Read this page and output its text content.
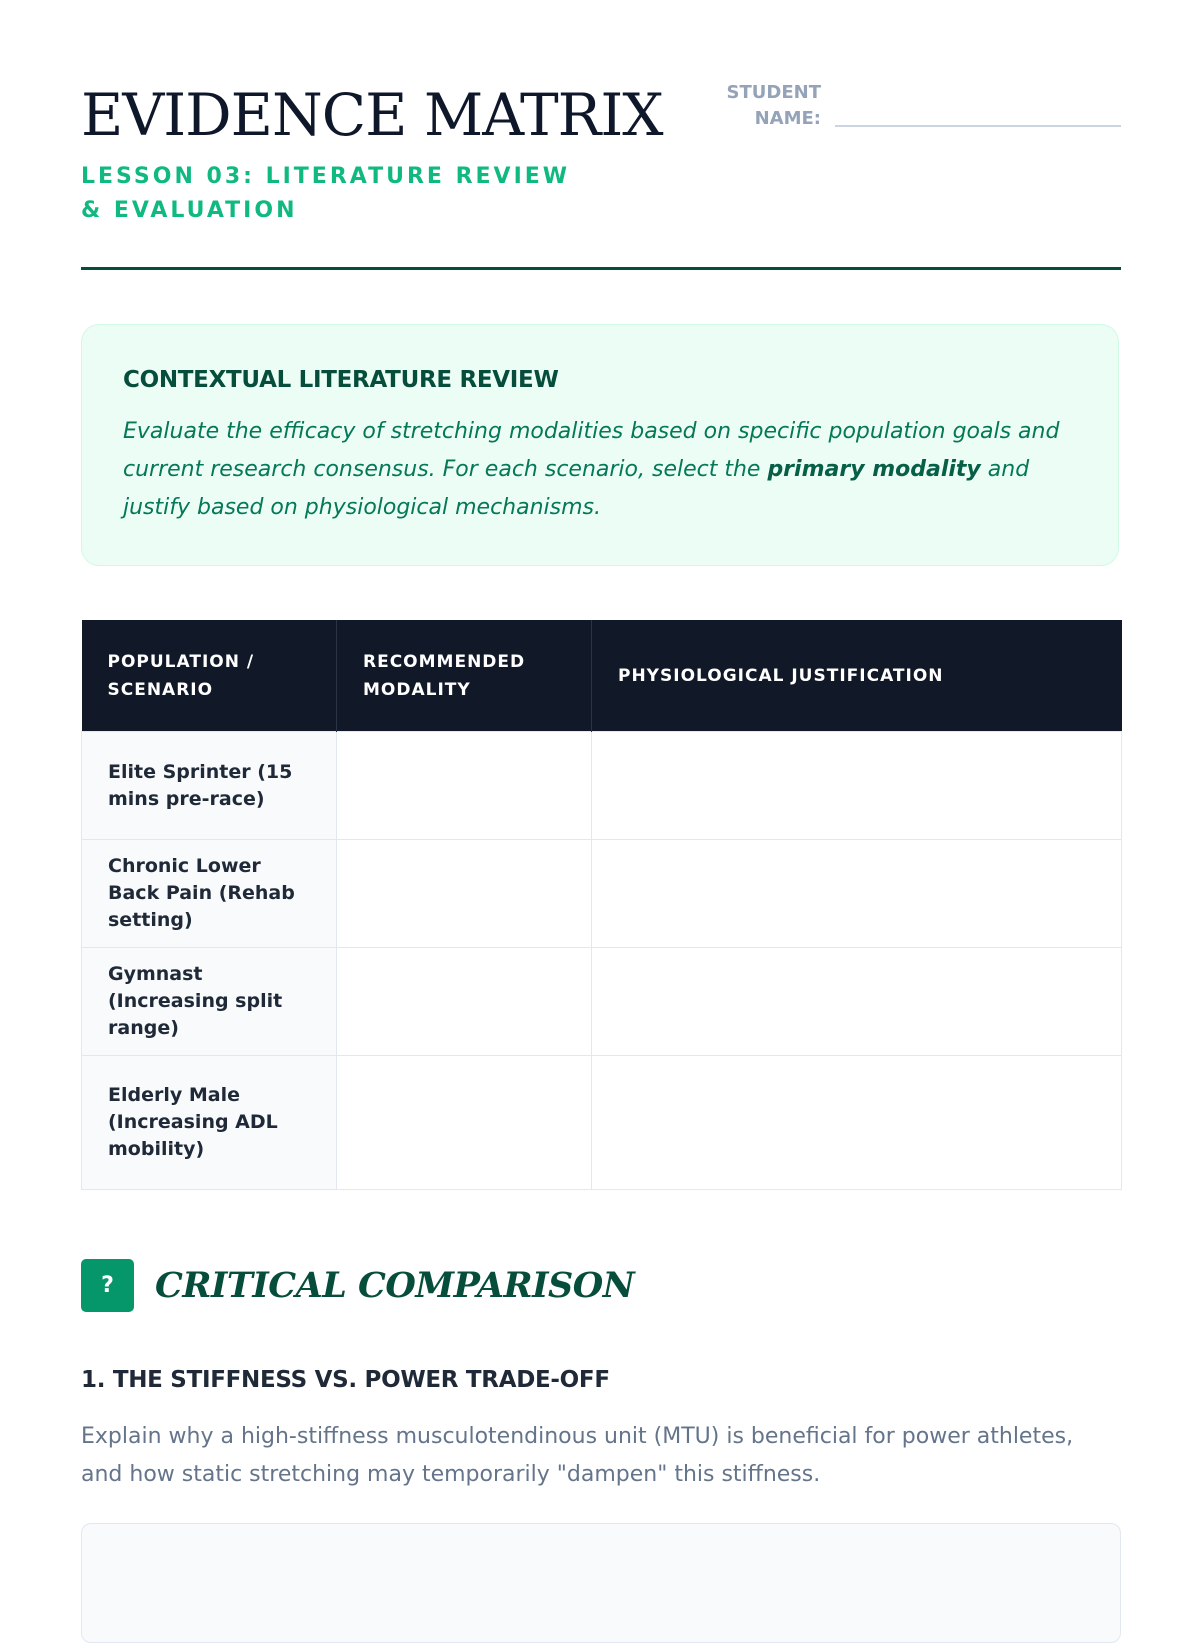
EVIDENCE MATRIX
LESSON 03: LITERATURE REVIEW & EVALUATION
STUDENT NAME:
CONTEXTUAL LITERATURE REVIEW

Evaluate the efficacy of stretching modalities based on specific population goals and current research consensus. For each scenario, select the primary modality and justify based on physiological mechanisms.

POPULATION / SCENARIO	RECOMMENDED MODALITY	PHYSIOLOGICAL JUSTIFICATION
Elite Sprinter (15 mins pre-race)		
Chronic Lower Back Pain (Rehab setting)		
Gymnast (Increasing split range)		
Elderly Male (Increasing ADL mobility)		
?	CRITICAL COMPARISON
1. THE STIFFNESS VS. POWER TRADE-OFF

Explain why a high-stiffness musculotendinous unit (MTU) is beneficial for power athletes, and how static stretching may temporarily "dampen" this stiffness.
